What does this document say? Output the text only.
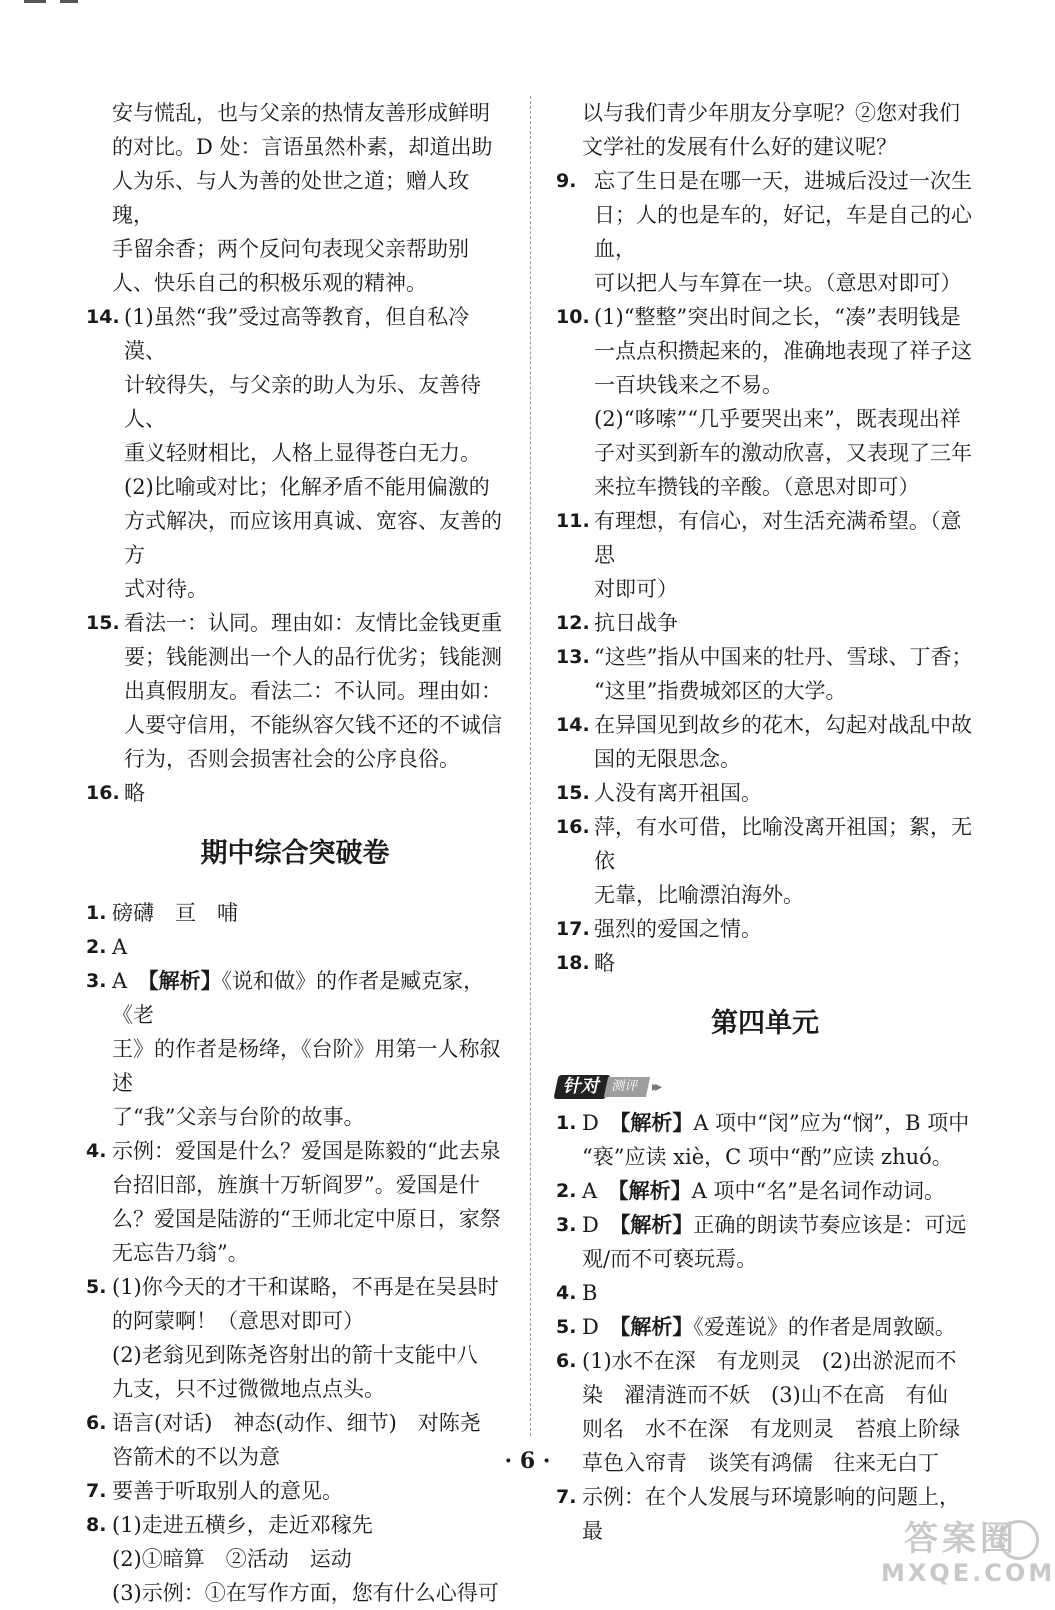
安与慌乱，也与父亲的热情友善形成鲜明
的对比。D 处：言语虽然朴素，却道出助
人为乐、与人为善的处世之道；赠人玫瑰，
手留余香；两个反问句表现父亲帮助别
人、快乐自己的积极乐观的精神。
14. (1)虽然“我”受过高等教育，但自私冷漠、
计较得失，与父亲的助人为乐、友善待人、
重义轻财相比，人格上显得苍白无力。
(2)比喻或对比；化解矛盾不能用偏激的
方式解决，而应该用真诚、宽容、友善的方
式对待。
15. 看法一：认同。理由如：友情比金钱更重
要；钱能测出一个人的品行优劣；钱能测
出真假朋友。看法二：不认同。理由如：
人要守信用，不能纵容欠钱不还的不诚信
行为，否则会损害社会的公序良俗。
16. 略
期中综合突破卷
1. 磅礴　亘　哺
2. A
3. A　【解析】《说和做》的作者是臧克家，《老
王》的作者是杨绛，《台阶》用第一人称叙述
了“我”父亲与台阶的故事。
4. 示例：爱国是什么？爱国是陈毅的“此去泉
台招旧部，旌旗十万斩阎罗”。爱国是什
么？爱国是陆游的“王师北定中原日，家祭
无忘告乃翁”。
5. (1)你今天的才干和谋略，不再是在吴县时
的阿蒙啊！（意思对即可）
(2)老翁见到陈尧咨射出的箭十支能中八
九支，只不过微微地点点头。
6. 语言(对话)　神态(动作、细节)　对陈尧
咨箭术的不以为意
7. 要善于听取别人的意见。
8. (1)走进五横乡，走近邓稼先
(2)①暗算　②活动　运动
(3)示例：①在写作方面，您有什么心得可
以与我们青少年朋友分享呢？②您对我们
文学社的发展有什么好的建议呢？
9. 忘了生日是在哪一天，进城后没过一次生
日；人的也是车的，好记，车是自己的心血，
可以把人与车算在一块。（意思对即可）
10. (1)“整整”突出时间之长，“凑”表明钱是
一点点积攒起来的，准确地表现了祥子这
一百块钱来之不易。
(2)“哆嗦”“几乎要哭出来”，既表现出祥
子对买到新车的激动欣喜，又表现了三年
来拉车攒钱的辛酸。（意思对即可）
11. 有理想，有信心，对生活充满希望。（意思
对即可）
12. 抗日战争
13. “这些”指从中国来的牡丹、雪球、丁香；
“这里”指费城郊区的大学。
14. 在异国见到故乡的花木，勾起对战乱中故
国的无限思念。
15. 人没有离开祖国。
16. 萍，有水可借，比喻没离开祖国；絮，无依
无靠，比喻漂泊海外。
17. 强烈的爱国之情。
18. 略
第四单元
针对 测评 ▸▸
1. D　【解析】A 项中“闵”应为“悯”，B 项中
“亵”应读 xiè，C 项中“酌”应读 zhuó。
2. A　【解析】A 项中“名”是名词作动词。
3. D　【解析】正确的朗读节奏应该是：可远
观/而不可亵玩焉。
4. B
5. D　【解析】《爱莲说》的作者是周敦颐。
6. (1)水不在深　有龙则灵　(2)出淤泥而不
染　濯清涟而不妖　(3)山不在高　有仙
则名　水不在深　有龙则灵　苔痕上阶绿
草色入帘青　谈笑有鸿儒　往来无白丁
7. 示例：在个人发展与环境影响的问题上，最
· 6 ·
答案圈
MXQE.COM
